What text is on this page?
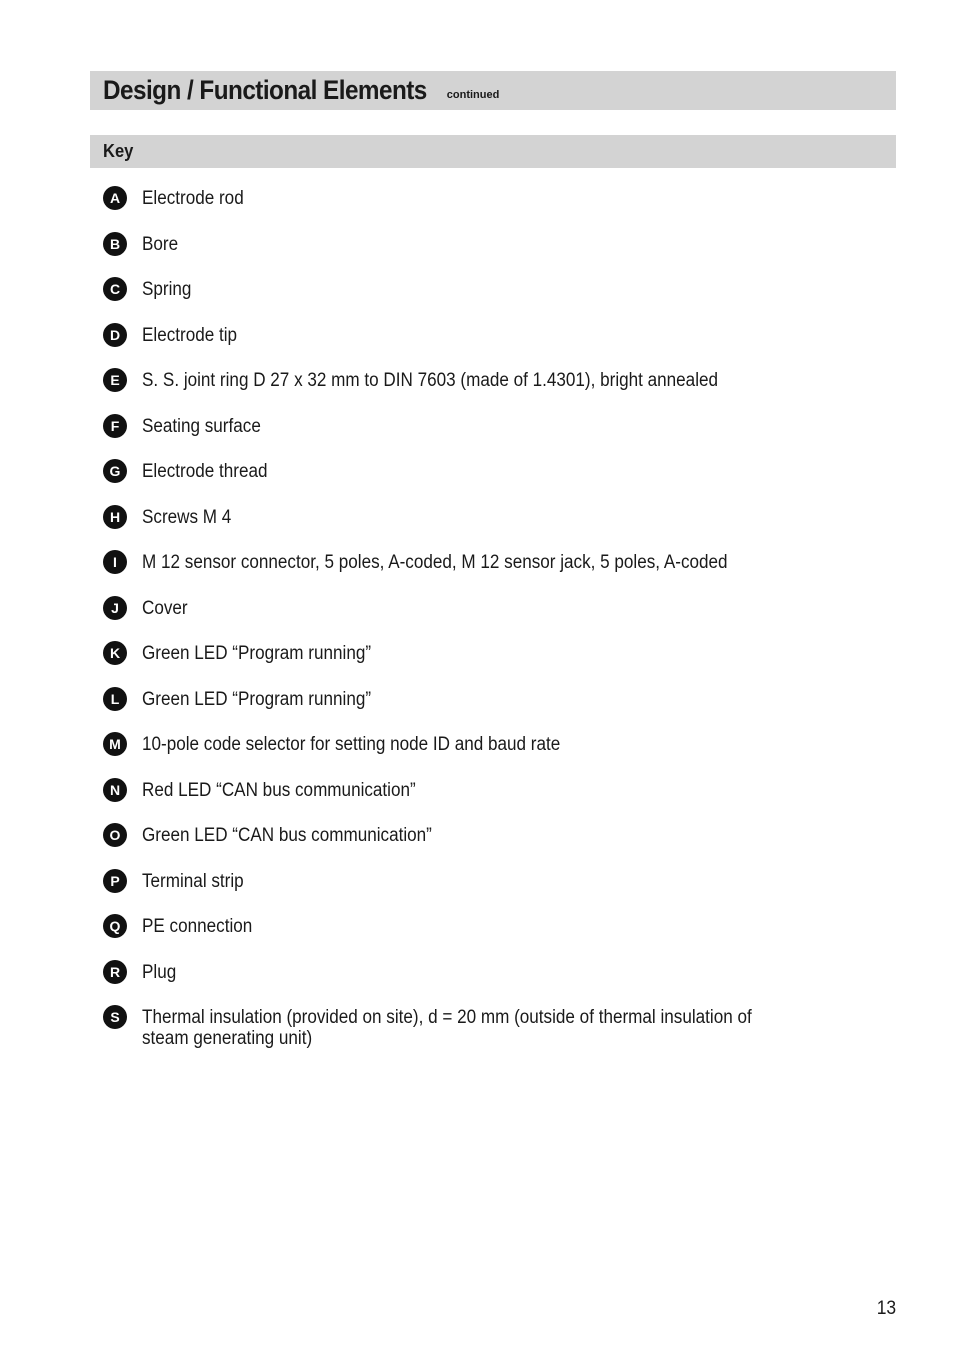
Design / Functional Elements continued
Key
A	Electrode rod
B	Bore
C	Spring
D	Electrode tip
E	S. S. joint ring D 27 x 32 mm to DIN 7603 (made of 1.4301), bright annealed
F	Seating surface
G	Electrode thread
H	Screws M 4
I	M 12 sensor connector, 5 poles, A-coded, M 12 sensor jack, 5 poles, A-coded
J	Cover
K	Green LED “Program running”
L	Green LED “Program running”
M	10-pole code selector for setting node ID and baud rate
N	Red LED “CAN bus communication”
O	Green LED “CAN bus communication”
P	Terminal strip
Q	PE connection
R	Plug
S	Thermal insulation (provided on site), d = 20 mm (outside of thermal insulation of steam generating unit)
13
